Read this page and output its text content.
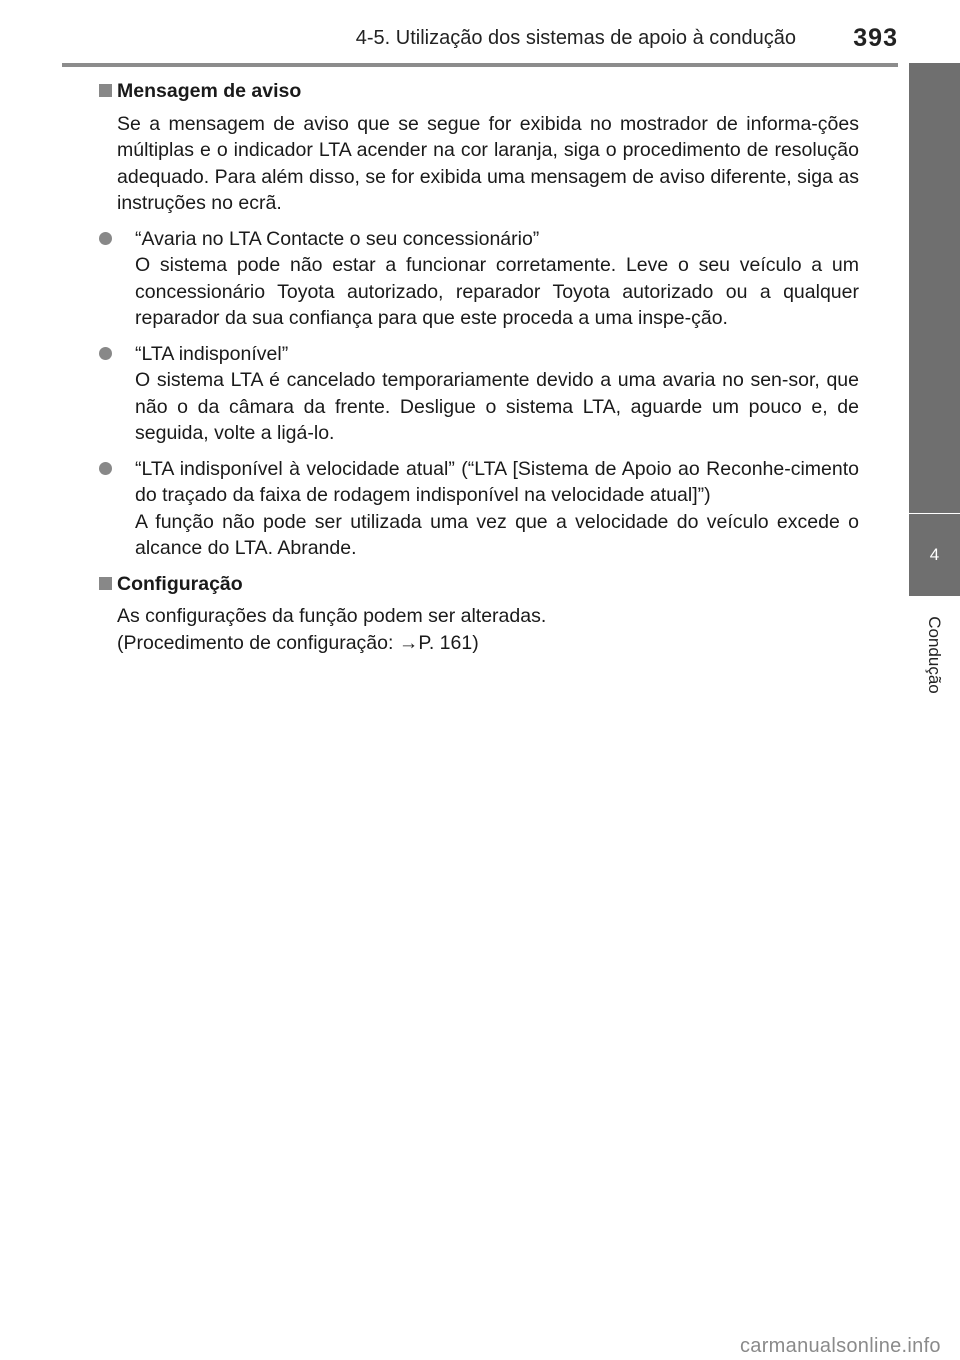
4-5. Utilização dos sistemas de apoio à condução	393
4
Condução
Mensagem de aviso
Se a mensagem de aviso que se segue for exibida no mostrador de informa-ções múltiplas e o indicador LTA acender na cor laranja, siga o procedimento de resolução adequado. Para além disso, se for exibida uma mensagem de aviso diferente, siga as instruções no ecrã.
“Avaria no LTA Contacte o seu concessionário”
O sistema pode não estar a funcionar corretamente. Leve o seu veículo a um concessionário Toyota autorizado, reparador Toyota autorizado ou a qualquer reparador da sua confiança para que este proceda a uma inspe-ção.
“LTA indisponível”
O sistema LTA é cancelado temporariamente devido a uma avaria no sen-sor, que não o da câmara da frente. Desligue o sistema LTA, aguarde um pouco e, de seguida, volte a ligá-lo.
“LTA indisponível à velocidade atual” (“LTA [Sistema de Apoio ao Reconhe-cimento do traçado da faixa de rodagem indisponível na velocidade atual]”)
A função não pode ser utilizada uma vez que a velocidade do veículo excede o alcance do LTA. Abrande.
Configuração
As configurações da função podem ser alteradas.
(Procedimento de configuração: →P. 161)
carmanualsonline.info
